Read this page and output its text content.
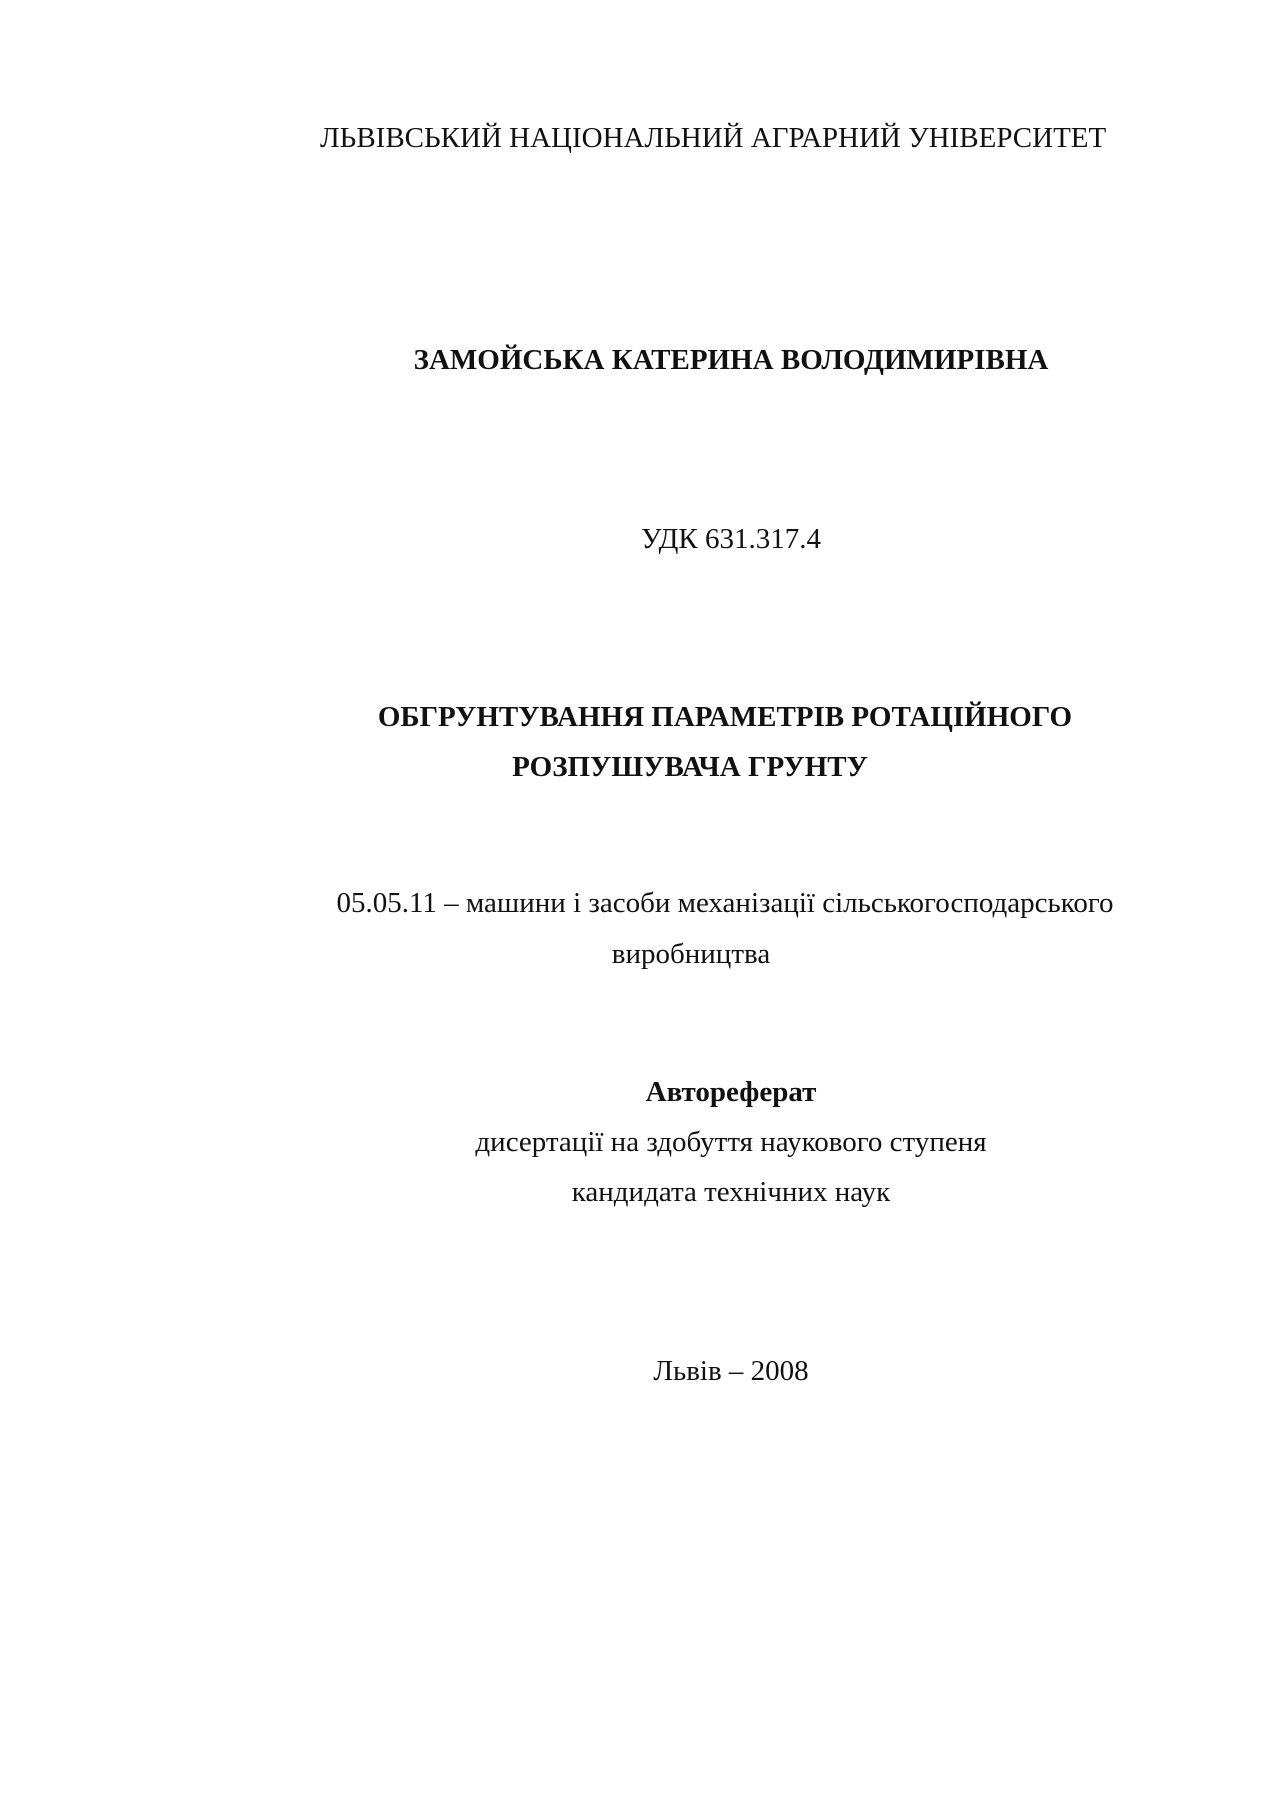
ЛЬВІВСЬКИЙ НАЦІОНАЛЬНИЙ АГРАРНИЙ УНІВЕРСИТЕТ
ЗАМОЙСЬКА КАТЕРИНА ВОЛОДИМИРІВНА
УДК 631.317.4
ОБГРУНТУВАННЯ ПАРАМЕТРІВ РОТАЦІЙНОГО
РОЗПУШУВАЧА ГРУНТУ
05.05.11 – машини і засоби механізації сільськогосподарського
виробництва
Автореферат
дисертації на здобуття наукового ступеня
кандидата технічних наук
Львів – 2008
